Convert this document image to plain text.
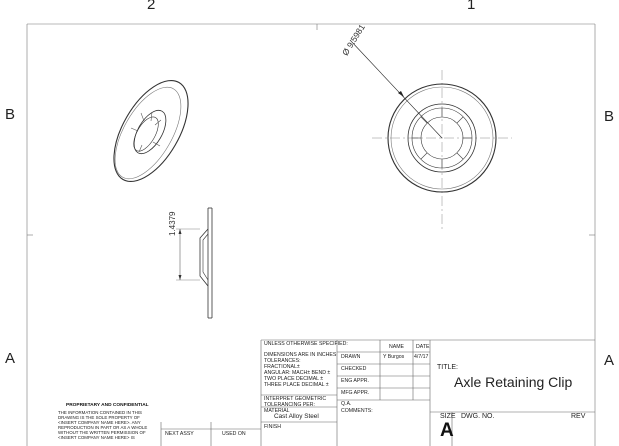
2	1
B
A
B
A
Ø 9.5981
1.4379
UNLESS OTHERWISE SPECIFIED:	NAME DATE
DIMENSIONS ARE IN INCHES
TOLERANCES:
FRACTIONAL±
ANGULAR: MACH± BEND ±
TWO PLACE DECIMAL ±
THREE PLACE DECIMAL ±
INTERPRET GEOMETRIC
TOLERANCING PER:
MATERIAL
Cast Alloy Steel
FINISH
DRAWN	Y Burgos 4/7/17
CHECKED
ENG APPR.
MFG APPR.
Q.A.
COMMENTS:
TITLE:
Axle Retaining Clip
SIZE DWG. NO.	REV
A
NEXT ASSY	USED ON
PROPRIETARY AND CONFIDENTIAL
THE INFORMATION CONTAINED IN THIS
DRAWING IS THE SOLE PROPERTY OF
<INSERT COMPANY NAME HERE>. ANY
REPRODUCTION IN PART OR AS A WHOLE
WITHOUT THE WRITTEN PERMISSION OF
<INSERT COMPANY NAME HERE> IS
